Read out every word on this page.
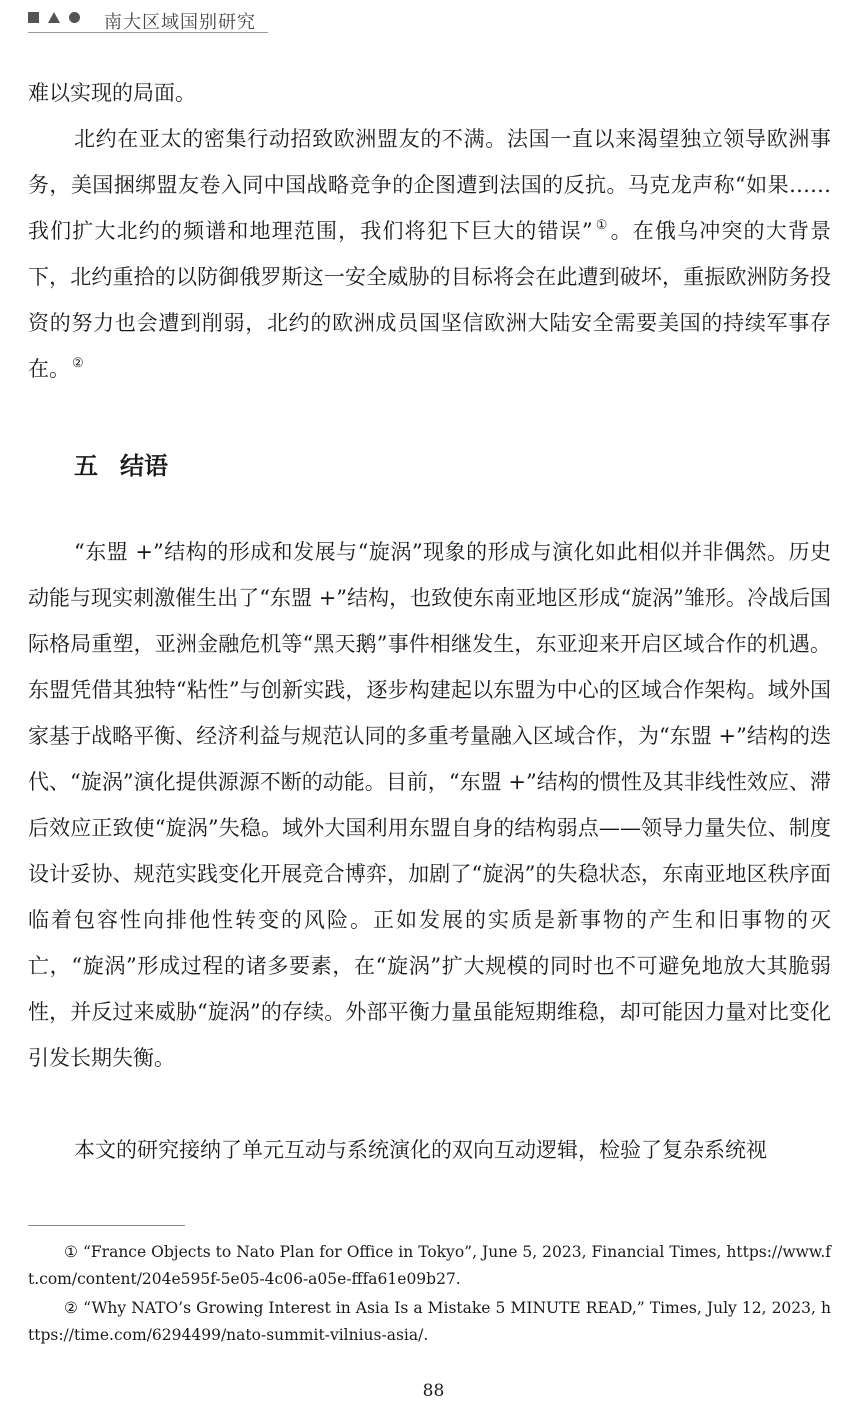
南大区域国别研究

难以实现的局面。

北约在亚太的密集行动招致欧洲盟友的不满。法国一直以来渴望独立领导欧洲事务，美国捆绑盟友卷入同中国战略竞争的企图遭到法国的反抗。马克龙声称“如果……我们扩大北约的频谱和地理范围，我们将犯下巨大的错误” ①。在俄乌冲突的大背景下，北约重拾的以防御俄罗斯这一安全威胁的目标将会在此遭到破坏，重振欧洲防务投资的努力也会遭到削弱，北约的欧洲成员国坚信欧洲大陆安全需要美国的持续军事存在。 ②

五 结语

“东盟 +”结构的形成和发展与“旋涡”现象的形成与演化如此相似并非偶然。历史动能与现实刺激催生出了“东盟 +”结构，也致使东南亚地区形成“旋涡”雏形。冷战后国际格局重塑，亚洲金融危机等“黑天鹅”事件相继发生，东亚迎来开启区域合作的机遇。东盟凭借其独特“粘性”与创新实践，逐步构建起以东盟为中心的区域合作架构。域外国家基于战略平衡、经济利益与规范认同的多重考量融入区域合作，为“东盟 +”结构的迭代、“旋涡”演化提供源源不断的动能。目前，“东盟 +”结构的惯性及其非线性效应、滞后效应正致使“旋涡”失稳。域外大国利用东盟自身的结构弱点——领导力量失位、制度设计妥协、规范实践变化开展竞合博弈，加剧了“旋涡”的失稳状态，东南亚地区秩序面临着包容性向排他性转变的风险。正如发展的实质是新事物的产生和旧事物的灭亡，“旋涡”形成过程的诸多要素，在“旋涡”扩大规模的同时也不可避免地放大其脆弱性，并反过来威胁“旋涡”的存续。外部平衡力量虽能短期维稳，却可能因力量对比变化引发长期失衡。

本文的研究接纳了单元互动与系统演化的双向互动逻辑，检验了复杂系统视

① “France Objects to Nato Plan for Office in Tokyo”, June 5, 2023, Financial Times, https://www.ft.com/content/204e595f-5e05-4c06-a05e-fffa61e09b27.

② “Why NATO’s Growing Interest in Asia Is a Mistake 5 MINUTE READ,” Times, July 12, 2023, https://time.com/6294499/nato-summit-vilnius-asia/.

88
